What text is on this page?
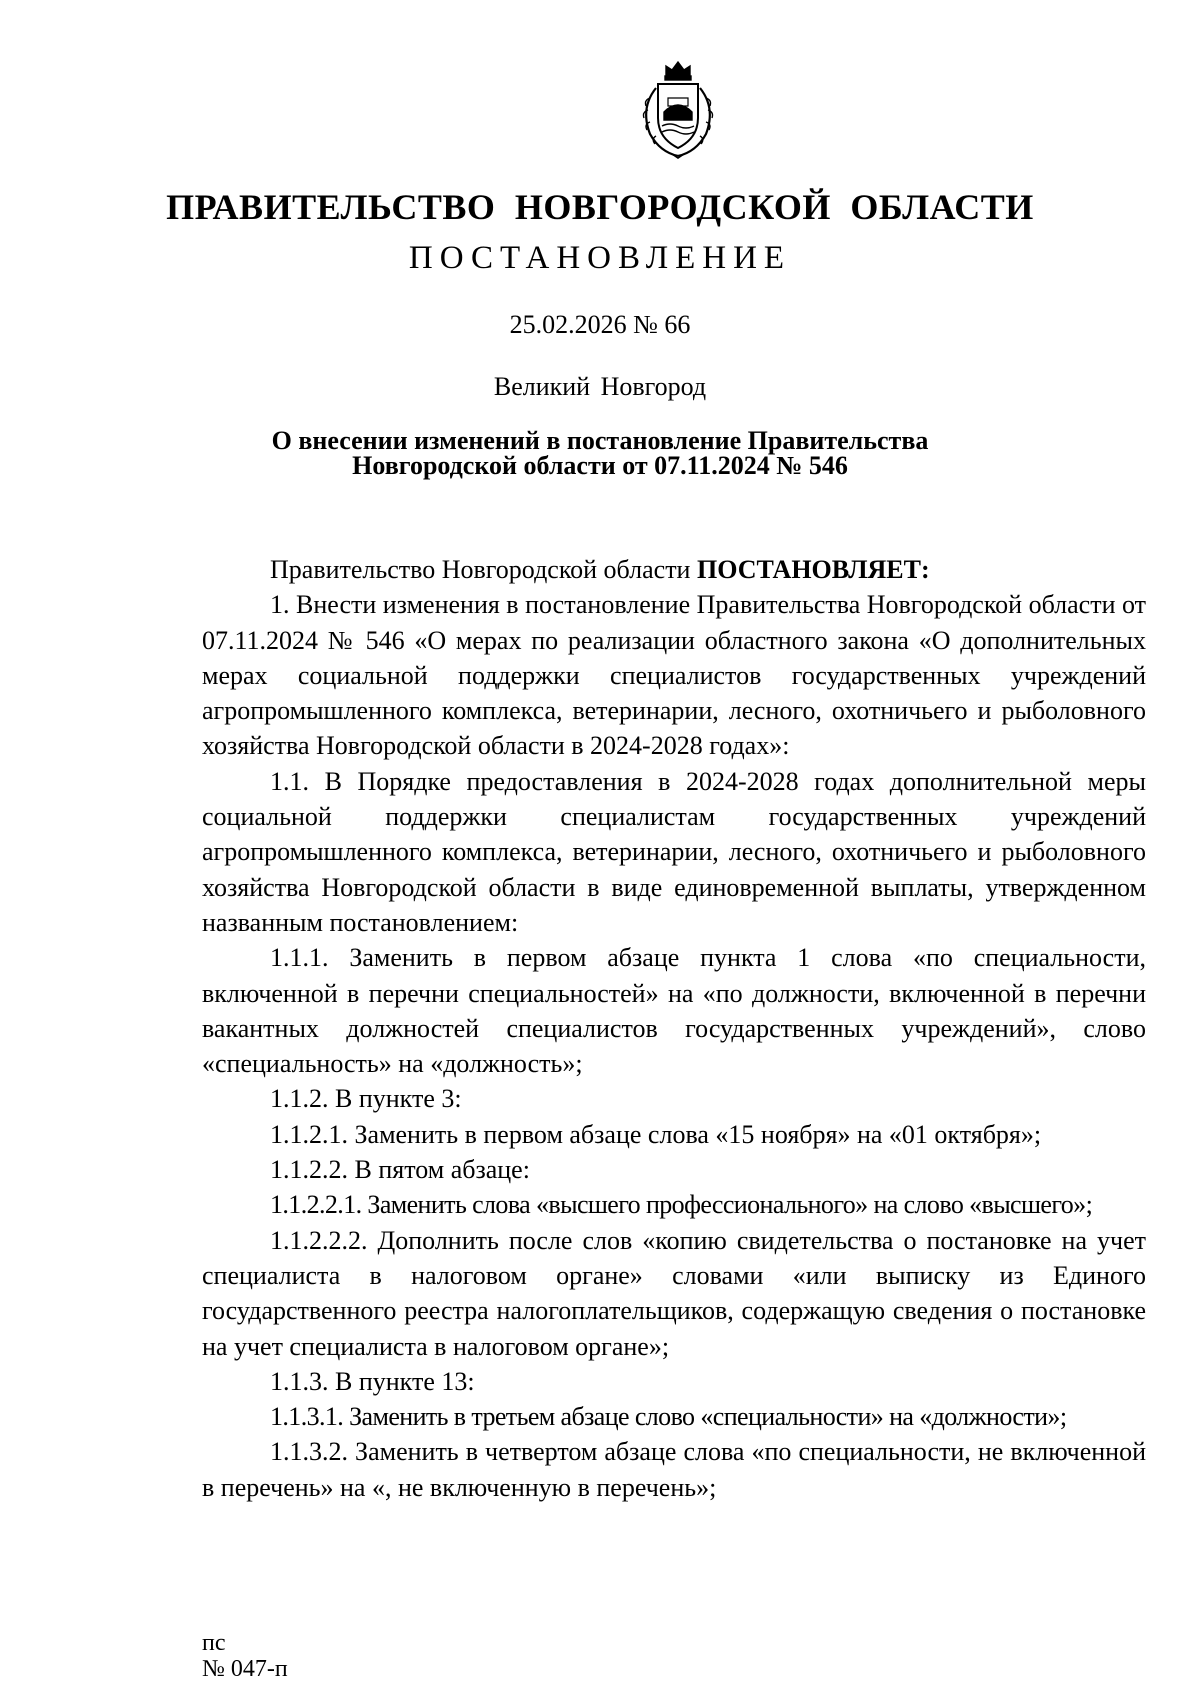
ПРАВИТЕЛЬСТВО НОВГОРОДСКОЙ ОБЛАСТИ
ПОСТАНОВЛЕНИЕ
25.02.2026 № 66
Великий Новгород
О внесении изменений в постановление Правительства
Новгородской области от 07.11.2024 № 546

Правительство Новгородской области ПОСТАНОВЛЯЕТ:

1. Внести изменения в постановление Правительства Новгородской области от 07.11.2024 № 546 «О мерах по реализации областного закона «О дополнительных мерах социальной поддержки специалистов государственных учреждений агропромышленного комплекса, ветеринарии, лесного, охотничьего и рыболовного хозяйства Новгородской области в 2024-2028 годах»:

1.1. В Порядке предоставления в 2024-2028 годах дополнительной меры социальной поддержки специалистам государственных учреждений агропромышленного комплекса, ветеринарии, лесного, охотничьего и рыболовного хозяйства Новгородской области в виде единовременной выплаты, утвержденном названным постановлением:

1.1.1. Заменить в первом абзаце пункта 1 слова «по специальности, включенной в перечни специальностей» на «по должности, включенной в перечни вакантных должностей специалистов государственных учреждений», слово «специальность» на «должность»;

1.1.2. В пункте 3:

1.1.2.1. Заменить в первом абзаце слова «15 ноября» на «01 октября»;

1.1.2.2. В пятом абзаце:

1.1.2.2.1. Заменить слова «высшего профессионального» на слово «высшего»;

1.1.2.2.2. Дополнить после слов «копию свидетельства о постановке на учет специалиста в налоговом органе» словами «или выписку из Единого государственного реестра налогоплательщиков, содержащую сведения о постановке на учет специалиста в налоговом органе»;

1.1.3. В пункте 13:

1.1.3.1. Заменить в третьем абзаце слово «специальности» на «должности»;

1.1.3.2. Заменить в четвертом абзаце слова «по специальности, не включенной в перечень» на «, не включенную в перечень»;

пс
№ 047-п
